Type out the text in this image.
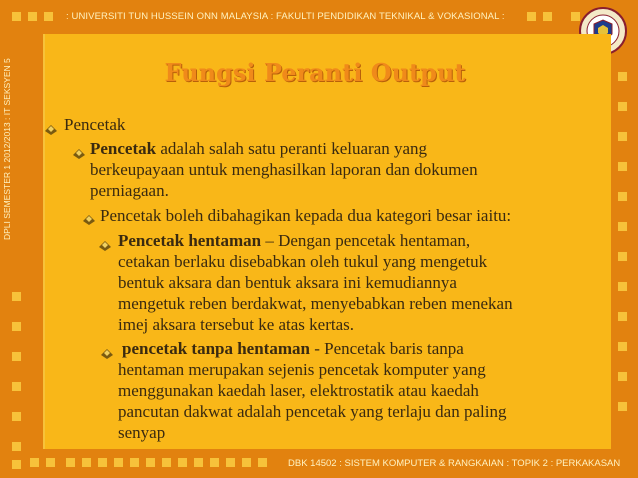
: UNIVERSITI TUN HUSSEIN ONN MALAYSIA : FAKULTI PENDIDIKAN TEKNIKAL & VOKASIONAL :
DPLI SEMESTER 1 2012/2013 : IT SEKSYEN 5
DBK 14502 : SISTEM KOMPUTER & RANGKAIAN : TOPIK 2 : PERKAKASAN
Fungsi Peranti Output
Pencetak
Pencetak adalah salah satu peranti keluaran yang
berkeupayaan untuk menghasilkan laporan dan dokumen
perniagaan.
Pencetak boleh dibahagikan kepada dua kategori besar iaitu:
Pencetak hentaman – Dengan pencetak hentaman,
cetakan berlaku disebabkan oleh tukul yang mengetuk
bentuk aksara dan bentuk aksara ini kemudiannya
mengetuk reben berdakwat, menyebabkan reben menekan
imej aksara tersebut ke atas kertas.
pencetak tanpa hentaman - Pencetak baris tanpa
hentaman merupakan sejenis pencetak komputer yang
menggunakan kaedah laser, elektrostatik atau kaedah
pancutan dakwat adalah pencetak yang terlaju dan paling
senyap
